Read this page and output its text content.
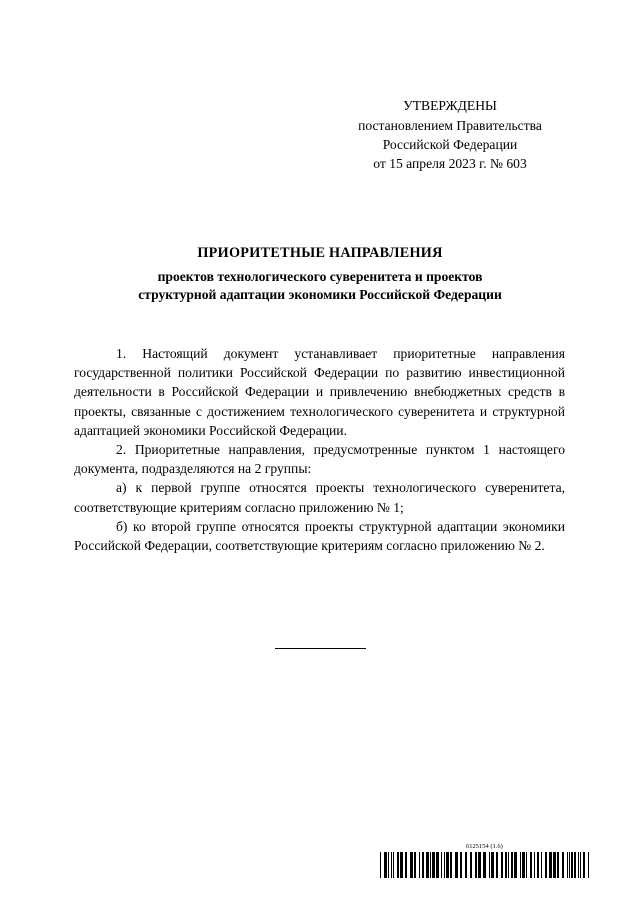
УТВЕРЖДЕНЫ
постановлением Правительства
Российской Федерации
от 15 апреля 2023 г. № 603
ПРИОРИТЕТНЫЕ НАПРАВЛЕНИЯ
проектов технологического суверенитета и проектов
структурной адаптации экономики Российской Федерации

1. Настоящий документ устанавливает приоритетные направления государственной политики Российской Федерации по развитию инвестиционной деятельности в Российской Федерации и привлечению внебюджетных средств в проекты, связанные с достижением технологического суверенитета и структурной адаптацией экономики Российской Федерации.

2. Приоритетные направления, предусмотренные пунктом 1 настоящего документа, подразделяются на 2 группы:

а) к первой группе относятся проекты технологического суверенитета, соответствующие критериям согласно приложению № 1;

б) ко второй группе относятся проекты структурной адаптации экономики Российской Федерации, соответствующие критериям согласно приложению № 2.

6125154 (1.6)
